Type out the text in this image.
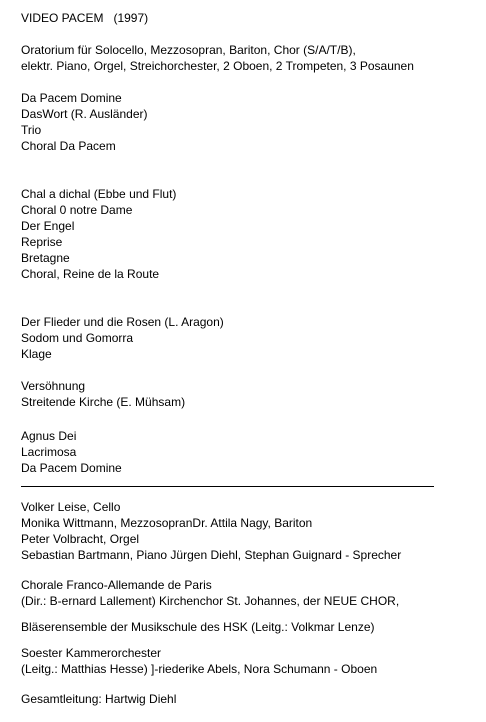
VIDEO PACEM   (1997)
Oratorium für Solocello, Mezzosopran, Bariton, Chor (S/A/T/B),
elektr. Piano, Orgel, Streichorchester, 2 Oboen, 2 Trompeten, 3 Posaunen
Da Pacem Domine
DasWort (R. Ausländer)
Trio
Choral Da Pacem
Chal a dichal (Ebbe und Flut)
Choral 0 notre Dame
Der Engel
Reprise
Bretagne
Choral, Reine de la Route
Der Flieder und die Rosen (L. Aragon)
Sodom und Gomorra
Klage
Versöhnung
Streitende Kirche (E. Mühsam)
Agnus Dei
Lacrimosa
Da Pacem Domine
Volker Leise, Cello
Monika Wittmann, MezzosopranDr. Attila Nagy, Bariton
Peter Volbracht, Orgel
Sebastian Bartmann, Piano Jürgen Diehl, Stephan Guignard - Sprecher
Chorale Franco-Allemande de Paris
(Dir.: B-ernard Lallement) Kirchenchor St. Johannes, der NEUE CHOR,
Bläserensemble der Musikschule des HSK (Leitg.: Volkmar Lenze)
Soester Kammerorchester
(Leitg.: Matthias Hesse) ]-riederike Abels, Nora Schumann - Oboen
Gesamtleitung: Hartwig Diehl
